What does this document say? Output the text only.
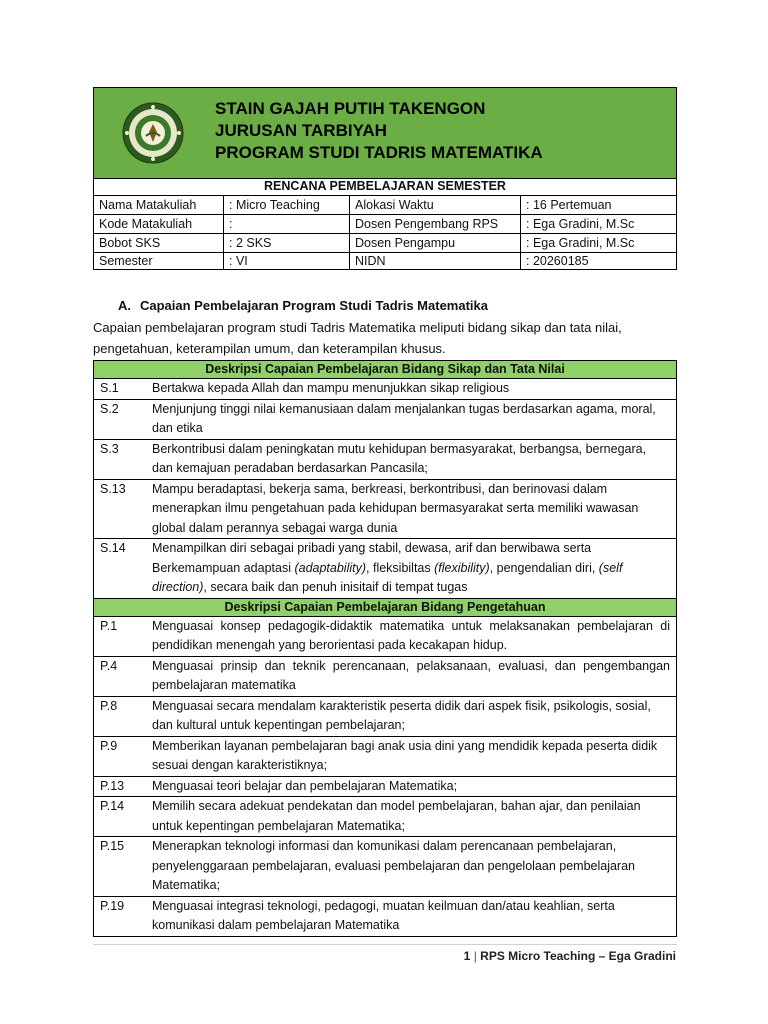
STAIN GAJAH PUTIH TAKENGON
JURUSAN TARBIYAH
PROGRAM STUDI TADRIS MATEMATIKA
RENCANA PEMBELAJARAN SEMESTER
Nama Matakuliah	: Micro Teaching	Alokasi Waktu	: 16 Pertemuan
Kode Matakuliah	:	Dosen Pengembang RPS : Ega Gradini, M.Sc
Bobot SKS	: 2 SKS	Dosen Pengampu	: Ega Gradini, M.Sc
Semester	: VI	NIDN	: 20260185
A. Capaian Pembelajaran Program Studi Tadris Matematika
Capaian pembelajaran program studi Tadris Matematika meliputi bidang sikap dan tata nilai, pengetahuan, keterampilan umum, dan keterampilan khusus.
Deskripsi Capaian Pembelajaran Bidang Sikap dan Tata Nilai
S.1	Bertakwa kepada Allah dan mampu menunjukkan sikap religious
S.2	Menjunjung tinggi nilai kemanusiaan dalam menjalankan tugas berdasarkan agama, moral, dan etika
S.3	Berkontribusi dalam peningkatan mutu kehidupan bermasyarakat, berbangsa, bernegara, dan kemajuan peradaban berdasarkan Pancasila;
S.13 Mampu beradaptasi, bekerja sama, berkreasi, berkontribusi, dan berinovasi dalam menerapkan ilmu pengetahuan pada kehidupan bermasyarakat serta memiliki wawasan global dalam perannya sebagai warga dunia
S.14 Menampilkan diri sebagai pribadi yang stabil, dewasa, arif dan berwibawa serta Berkemampuan adaptasi (adaptability), fleksibiltas (flexibility), pengendalian diri, (self direction), secara baik dan penuh inisitaif di tempat tugas
Deskripsi Capaian Pembelajaran Bidang Pengetahuan
P.1	Menguasai konsep pedagogik-didaktik matematika untuk melaksanakan pembelajaran di pendidikan menengah yang berorientasi pada kecakapan hidup.
P.4	Menguasai prinsip dan teknik perencanaan, pelaksanaan, evaluasi, dan pengembangan pembelajaran matematika
P.8	Menguasai secara mendalam karakteristik peserta didik dari aspek fisik, psikologis, sosial, dan kultural untuk kepentingan pembelajaran;
P.9	Memberikan layanan pembelajaran bagi anak usia dini yang mendidik kepada peserta didik sesuai dengan karakteristiknya;
P.13 Menguasai teori belajar dan pembelajaran Matematika;
P.14 Memilih secara adekuat pendekatan dan model pembelajaran, bahan ajar, dan penilaian untuk kepentingan pembelajaran Matematika;
P.15 Menerapkan teknologi informasi dan komunikasi dalam perencanaan pembelajaran, penyelenggaraan pembelajaran, evaluasi pembelajaran dan pengelolaan pembelajaran Matematika;
P.19 Menguasai integrasi teknologi, pedagogi, muatan keilmuan dan/atau keahlian, serta komunikasi dalam pembelajaran Matematika
1 | RPS Micro Teaching – Ega Gradini
